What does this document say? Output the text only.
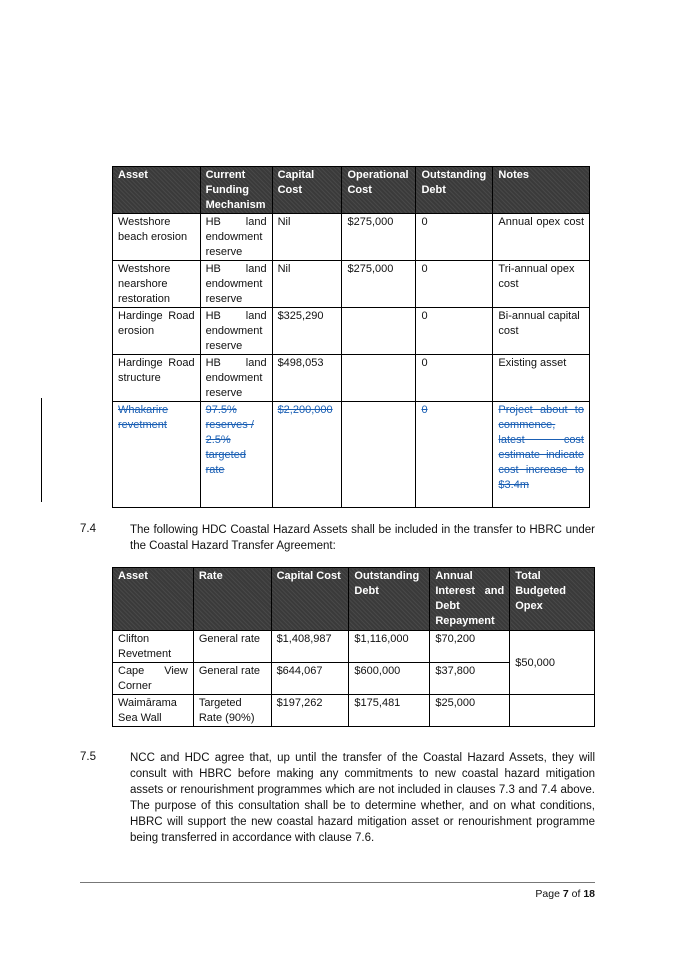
Asset	Current Funding Mechanism	Capital Cost	Operational Cost	Outstanding Debt	Notes
Westshore beach erosion	HB land endowment reserve	Nil	$275,000	0	Annual opex cost
Westshore nearshore restoration	HB land endowment reserve	Nil	$275,000	0	Tri-annual opex cost
Hardinge Road erosion	HB land endowment reserve	$325,290		0	Bi-annual capital cost
Hardinge Road structure	HB land endowment reserve	$498,053		0	Existing asset
Whakarire revetment	97.5% reserves / 2.5% targeted rate	$2,200,000		0	Project about to commence, latest cost estimate indicate cost increase to $3.4m
7.4	The following HDC Coastal Hazard Assets shall be included in the transfer to HBRC under the Coastal Hazard Transfer Agreement:
Asset	Rate	Capital Cost	Outstanding Debt	Annual Interest and Debt Repayment	Total Budgeted Opex
Clifton Revetment	General rate	$1,408,987	$1,116,000	$70,200	$50,000
Cape View Corner	General rate	$644,067	$600,000	$37,800	
Waimārama Sea Wall	Targeted Rate (90%)	$197,262	$175,481	$25,000	
7.5	NCC and HDC agree that, up until the transfer of the Coastal Hazard Assets, they will consult with HBRC before making any commitments to new coastal hazard mitigation assets or renourishment programmes which are not included in clauses 7.3 and 7.4 above. The purpose of this consultation shall be to determine whether, and on what conditions, HBRC will support the new coastal hazard mitigation asset or renourishment programme being transferred in accordance with clause 7.6.
Page 7 of 18
